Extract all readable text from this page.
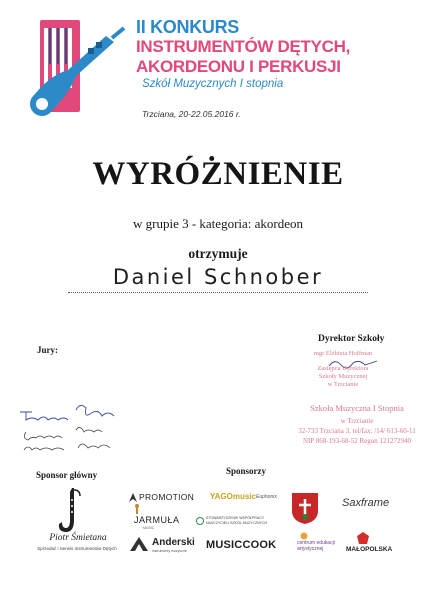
II KONKURS
INSTRUMENTÓW DĘTYCH,
AKORDEONU I PERKUSJI
Szkół Muzycznych I stopnia
Trzciana, 20-22.05.2016 r.
WYRÓŻNIENIE
w grupie 3 - kategoria: akordeon
otrzymuje
Daniel Schnober
Jury:
Dyrektor Szkoły
mgr Elżbieta Hoffman
Zastępca Dyrektora
Szkoły Muzycznej
w Trzcianie
Szkoła Muzyczna I Stopnia
w Trzcianie
32-733 Trzciana 3, tel/fax: /14/ 613-60-11
NIP 868-193-68-52 Regon 121272940
Sponsor główny	Sponsorzy
Piotr Śmietana
Sprzedaż i Serwis Instrumentów Dętych
PROMOTION YAGOmusic Euphonix
JARMUŁA
MUSIC
STOWARZYSZENIE WSPÓŁPRACY NAUCZYCIELI SZKÓŁ MUZYCZNYCH
Anderski
instrumenty muzyczne MUSICCOOK
Saxframe
centrum edukacji artystycznej	MAŁOPOLSKA
